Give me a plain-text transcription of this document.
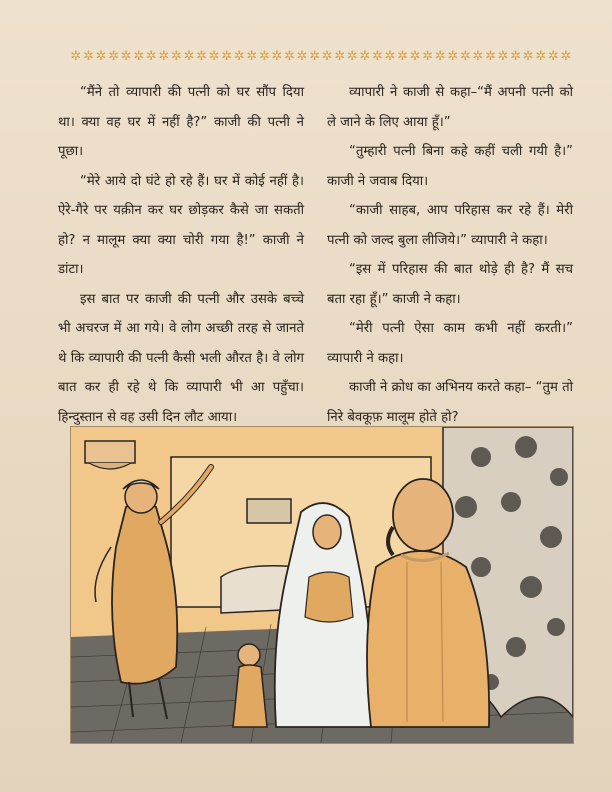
✲ ✲ ✲ ✲ ✲ ✲ ✲ ✲ ✲ ✲ ✲ ✲ ✲ ✲ ✲ ✲ ✲ ✲ ✲ ✲ ✲ ✲ ✲ ✲ ✲ ✲ ✲ ✲ ✲ ✲ ✲ ✲ ✲ ✲ ✲ ✲ ✲ ✲ ✲ ✲

“मैंने तो व्यापारी की पत्नी को घर सौंप दिया था। क्या वह घर में नहीं है?” काजी की पत्नी ने पूछा।

“मेरे आये दो घंटे हो रहे हैं। घर में कोई नहीं है। ऐरे-गैरे पर यक़ीन कर घर छोड़कर कैसे जा सकती हो? न मालूम क्या क्या चोरी गया है!” काजी ने डांटा।

इस बात पर काजी की पत्नी और उसके बच्चे भी अचरज में आ गये। वे लोग अच्छी तरह से जानते थे कि व्यापारी की पत्नी कैसी भली औरत है। वे लोग बात कर ही रहे थे कि व्यापारी भी आ पहुँचा। हिन्दुस्तान से वह उसी दिन लौट आया।

व्यापारी ने काजी से कहा–“मैं अपनी पत्नी को ले जाने के लिए आया हूँ।”

“तुम्हारी पत्नी बिना कहे कहीं चली गयी है।” काजी ने जवाब दिया।

“काजी साहब, आप परिहास कर रहे हैं। मेरी पत्नी को जल्द बुला लीजिये।” व्यापारी ने कहा।

“इस में परिहास की बात थोड़े ही है? मैं सच बता रहा हूँ।” काजी ने कहा।

“मेरी पत्नी ऐसा काम कभी नहीं करती।” व्यापारी ने कहा।

काजी ने क्रोध का अभिनय करते कहा– “तुम तो निरे बेवकूफ़ मालूम होते हो?
